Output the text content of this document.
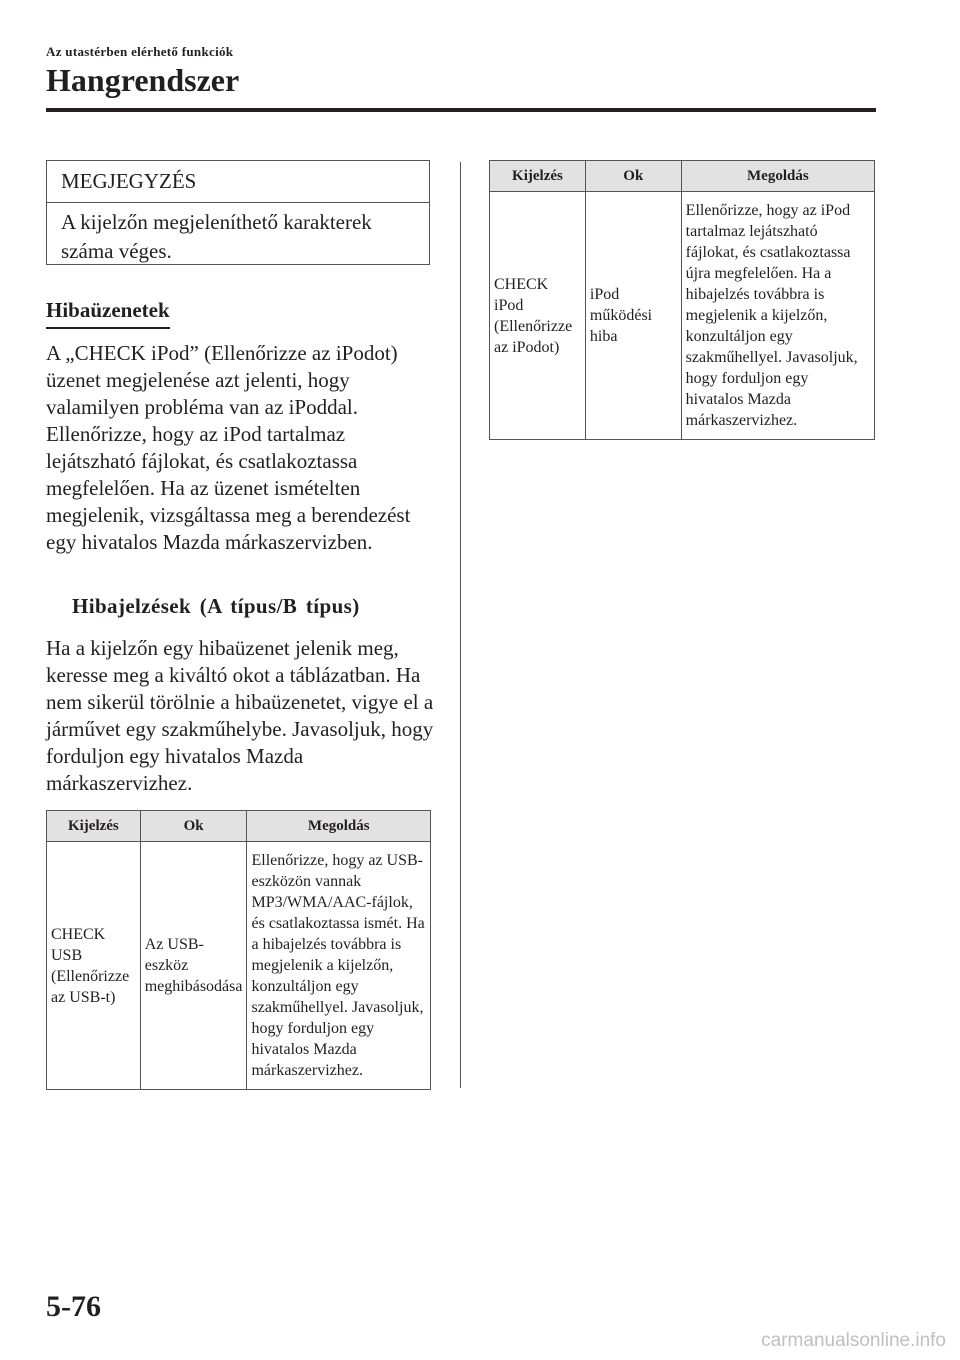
Az utastérben elérhető funkciók
Hangrendszer
MEGJEGYZÉS
A kijelzőn megjeleníthető karakterek száma véges.
Hibaüzenetek

A „CHECK iPod” (Ellenőrizze az iPodot) üzenet megjelenése azt jelenti, hogy valamilyen probléma van az iPoddal. Ellenőrizze, hogy az iPod tartalmaz lejátszható fájlokat, és csatlakoztassa megfelelően. Ha az üzenet ismételten megjelenik, vizsgáltassa meg a berendezést egy hivatalos Mazda márkaszervizben.

Hibajelzések (A típus/B típus)

Ha a kijelzőn egy hibaüzenet jelenik meg, keresse meg a kiváltó okot a táblázatban. Ha nem sikerül törölnie a hibaüzenetet, vigye el a járművet egy szakműhelybe. Javasoljuk, hogy forduljon egy hivatalos Mazda márkaszervizhez.

Kijelzés	Ok	Megoldás
CHECK USB (Ellenőrizze az USB-t)	Az USB-eszköz meghibásodása	Ellenőrizze, hogy az USB-eszközön vannak MP3/WMA/AAC-fájlok, és csatlakoztassa ismét. Ha a hibajelzés továbbra is megjelenik a kijelzőn, konzultáljon egy szakműhellyel. Javasoljuk, hogy forduljon egy hivatalos Mazda márkaszervizhez.
Kijelzés	Ok	Megoldás
CHECK iPod (Ellenőrizze az iPodot)	iPod működési hiba	Ellenőrizze, hogy az iPod tartalmaz lejátszható fájlokat, és csatlakoztassa újra megfelelően. Ha a hibajelzés továbbra is megjelenik a kijelzőn, konzultáljon egy szakműhellyel. Javasoljuk, hogy forduljon egy hivatalos Mazda márkaszervizhez.
5-76
carmanualsonline.info
